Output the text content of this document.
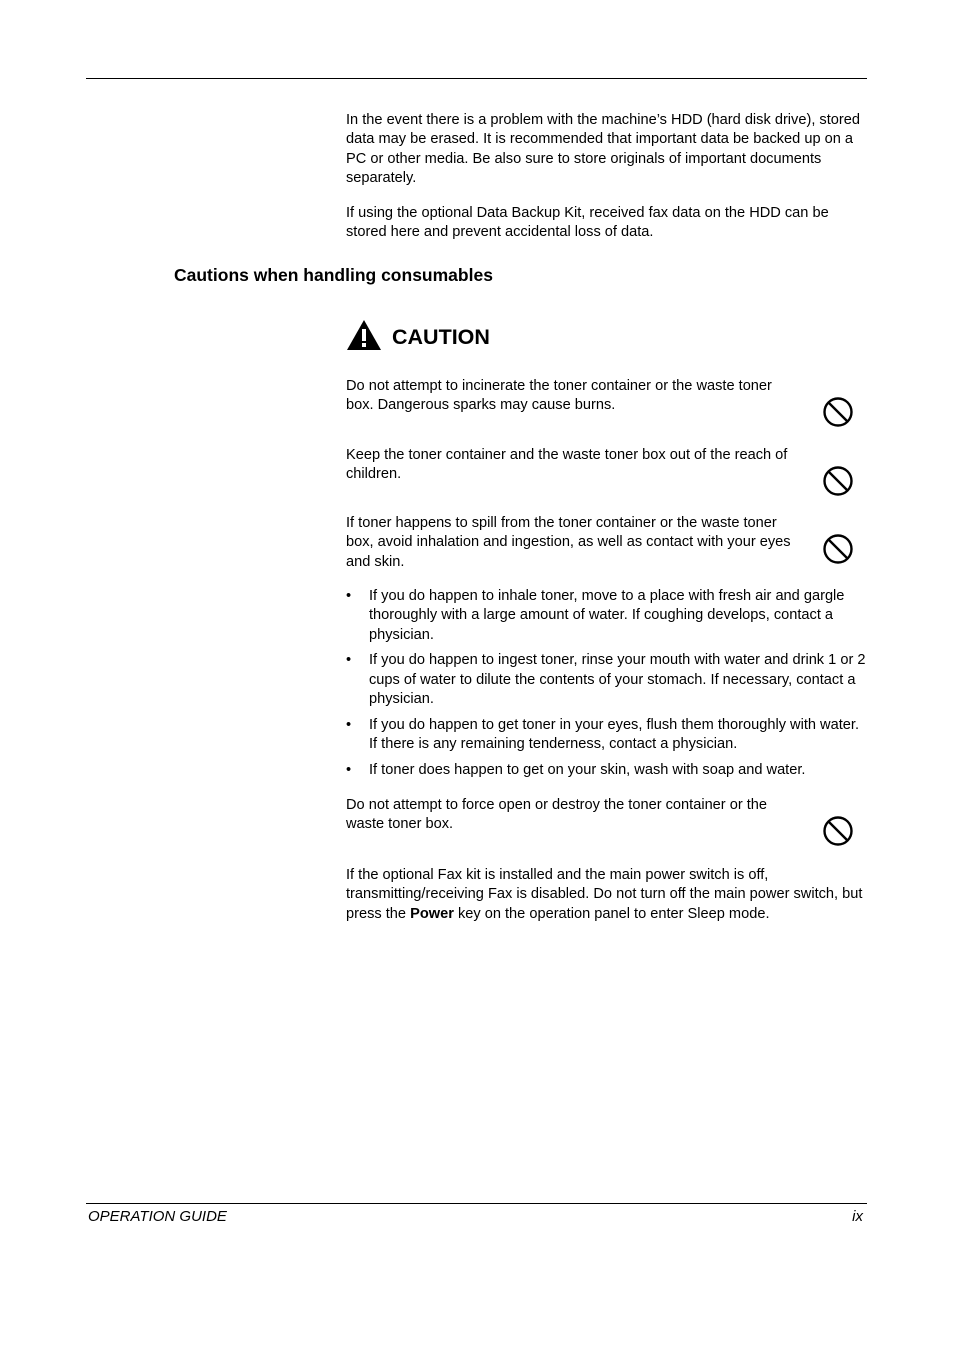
In the event there is a problem with the machine’s HDD (hard disk drive), stored data may be erased. It is recommended that important data be backed up on a PC or other media. Be also sure to store originals of important documents separately.

If using the optional Data Backup Kit, received fax data on the HDD can be stored here and prevent accidental loss of data.

Cautions when handling consumables
CAUTION

Do not attempt to incinerate the toner container or the waste toner box. Dangerous sparks may cause burns.

Keep the toner container and the waste toner box out of the reach of children.

If toner happens to spill from the toner container or the waste toner box, avoid inhalation and ingestion, as well as contact with your eyes and skin.

• If you do happen to inhale toner, move to a place with fresh air and gargle thoroughly with a large amount of water. If coughing develops, contact a physician.
• If you do happen to ingest toner, rinse your mouth with water and drink 1 or 2 cups of water to dilute the contents of your stomach. If necessary, contact a physician.
• If you do happen to get toner in your eyes, flush them thoroughly with water. If there is any remaining tenderness, contact a physician.
• If toner does happen to get on your skin, wash with soap and water.

Do not attempt to force open or destroy the toner container or the waste toner box.

If the optional Fax kit is installed and the main power switch is off, transmitting/receiving Fax is disabled. Do not turn off the main power switch, but press the Power key on the operation panel to enter Sleep mode.

OPERATION GUIDE	ix
